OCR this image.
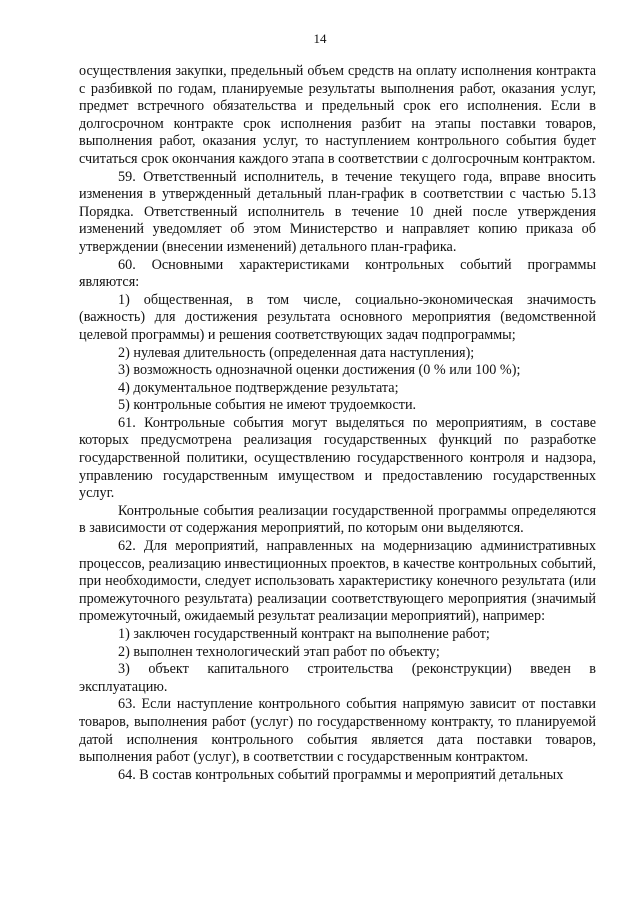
14

осуществления закупки, предельный объем средств на оплату исполнения контракта с разбивкой по годам, планируемые результаты выполнения работ, оказания услуг, предмет встречного обязательства и предельный срок его исполнения. Если в долгосрочном контракте срок исполнения разбит на этапы поставки товаров, выполнения работ, оказания услуг, то наступлением контрольного события будет считаться срок окончания каждого этапа в соответствии с долгосрочным контрактом.

59. Ответственный исполнитель, в течение текущего года, вправе вносить изменения в утвержденный детальный план-график в соответствии с частью 5.13 Порядка. Ответственный исполнитель в течение 10 дней после утверждения изменений уведомляет об этом Министерство и направляет копию приказа об утверждении (внесении изменений) детального план-графика.

60. Основными характеристиками контрольных событий программы являются:

1) общественная, в том числе, социально-экономическая значимость (важность) для достижения результата основного мероприятия (ведомственной целевой программы) и решения соответствующих задач подпрограммы;

2) нулевая длительность (определенная дата наступления);

3) возможность однозначной оценки достижения (0 % или 100 %);

4) документальное подтверждение результата;

5) контрольные события не имеют трудоемкости.

61. Контрольные события могут выделяться по мероприятиям, в составе которых предусмотрена реализация государственных функций по разработке государственной политики, осуществлению государственного контроля и надзора, управлению государственным имуществом и предоставлению государственных услуг.

Контрольные события реализации государственной программы определяются в зависимости от содержания мероприятий, по которым они выделяются.

62. Для мероприятий, направленных на модернизацию административных процессов, реализацию инвестиционных проектов, в качестве контрольных событий, при необходимости, следует использовать характеристику конечного результата (или промежуточного результата) реализации соответствующего мероприятия (значимый промежуточный, ожидаемый результат реализации мероприятий), например:

1) заключен государственный контракт на выполнение работ;

2) выполнен технологический этап работ по объекту;

3) объект капитального строительства (реконструкции) введен в эксплуатацию.

63. Если наступление контрольного события напрямую зависит от поставки товаров, выполнения работ (услуг) по государственному контракту, то планируемой датой исполнения контрольного события является дата поставки товаров, выполнения работ (услуг), в соответствии с государственным контрактом.

64. В состав контрольных событий программы и мероприятий детальных
